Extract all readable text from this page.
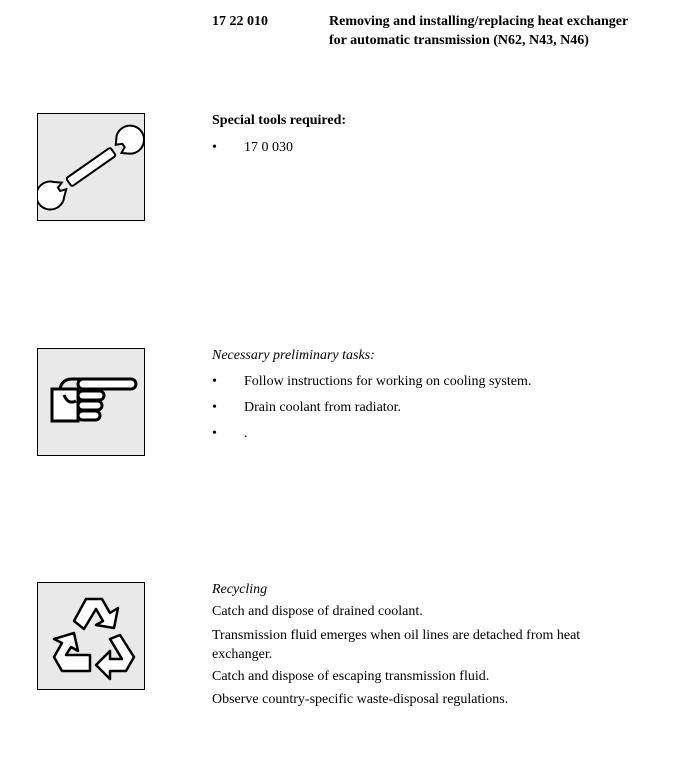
17 22 010	Removing and installing/replacing heat exchanger for automatic transmission (N62, N43, N46)
Special tools required:
•	17 0 030
Necessary preliminary tasks:
•	Follow instructions for working on cooling system.
•	Drain coolant from radiator.
•	.
Recycling
Catch and dispose of drained coolant.
Transmission fluid emerges when oil lines are detached from heat exchanger.
Catch and dispose of escaping transmission fluid.
Observe country-specific waste-disposal regulations.
